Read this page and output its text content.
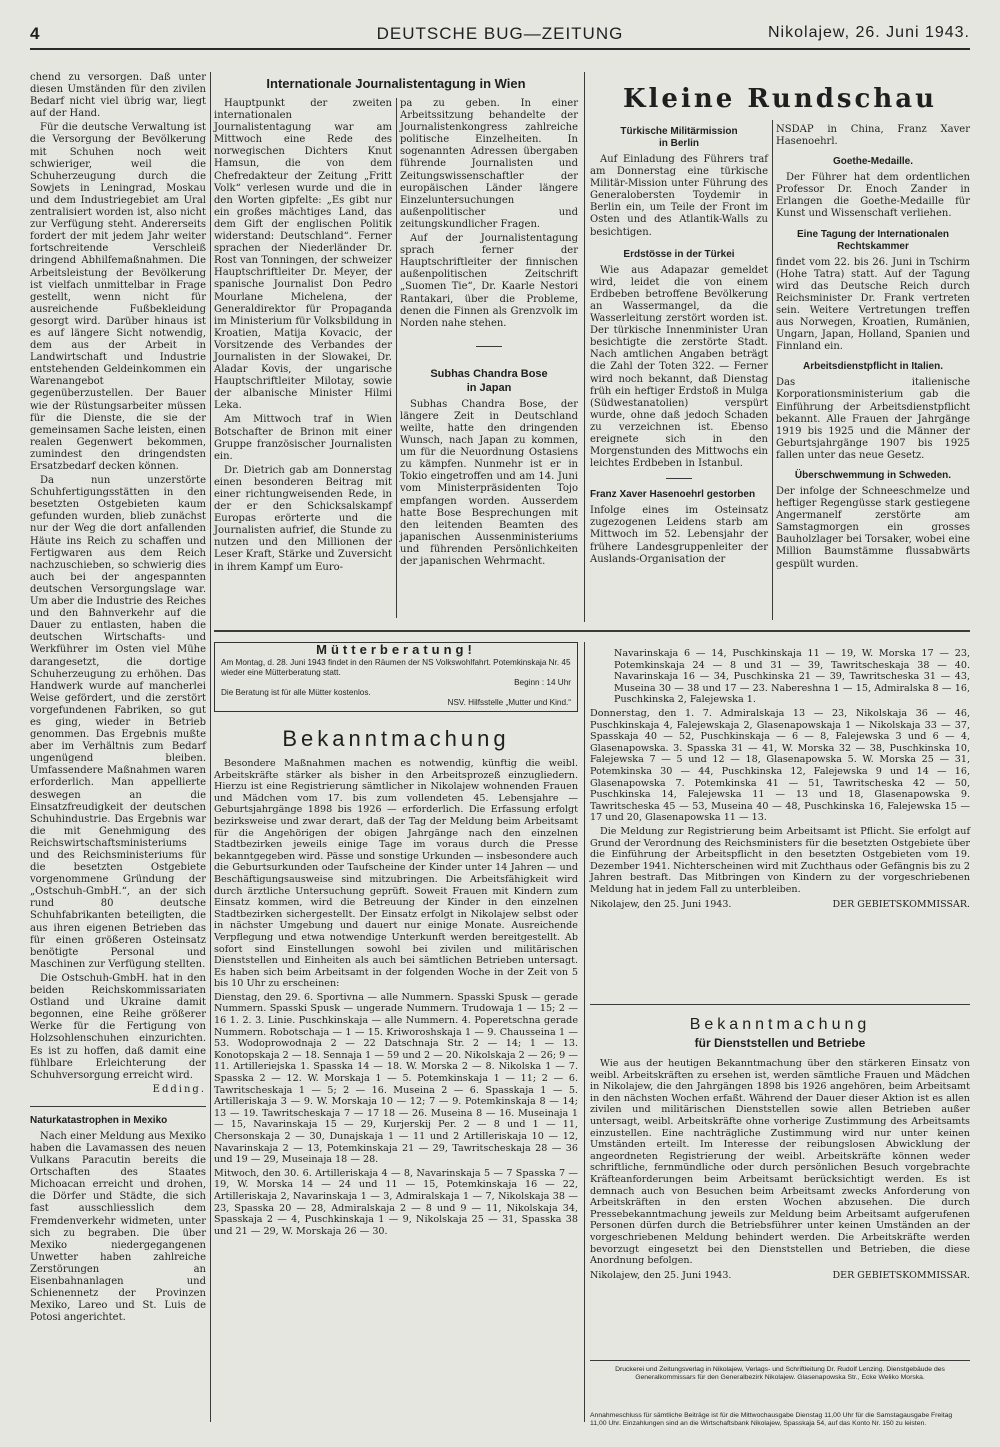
4	DEUTSCHE BUG—ZEITUNG	Nikolajew, 26. Juni 1943.

chend zu versorgen. Daß unter diesen Umständen für den zivilen Bedarf nicht viel übrig war, liegt auf der Hand.

Für die deutsche Verwaltung ist die Versorgung der Bevölkerung mit Schuhen noch weit schwieriger, weil die Schuherzeugung durch die Sowjets in Leningrad, Moskau und dem Industriegebiet am Ural zentralisiert worden ist, also nicht zur Verfügung steht. Andererseits fordert der mit jedem Jahr weiter fortschreitende Verschleiß dringend Abhilfemaßnahmen. Die Arbeitsleistung der Bevölkerung ist vielfach unmittelbar in Frage gestellt, wenn nicht für ausreichende Fußbekleidung gesorgt wird. Darüber hinaus ist es auf längere Sicht notwendig, dem aus der Arbeit in Landwirtschaft und Industrie entstehenden Geldeinkommen ein Warenangebot gegenüberzustellen. Der Bauer wie der Rüstungsarbeiter müssen für die Dienste, die sie der gemeinsamen Sache leisten, einen realen Gegenwert bekommen, zumindest den dringendsten Ersatzbedarf decken können.

Da nun unzerstörte Schuhfertigungsstätten in den besetzten Ostgebieten kaum gefunden wurden, blieb zunächst nur der Weg die dort anfallenden Häute ins Reich zu schaffen und Fertigwaren aus dem Reich nachzuschieben, so schwierig dies auch bei der angespannten deutschen Versorgungslage war. Um aber die Industrie des Reiches und den Bahnverkehr auf die Dauer zu entlasten, haben die deutschen Wirtschafts- und Werkführer im Osten viel Mühe darangesetzt, die dortige Schuherzeugung zu erhöhen. Das Handwerk wurde auf mancherlei Weise gefördert, und die zerstört vorgefundenen Fabriken, so gut es ging, wieder in Betrieb genommen. Das Ergebnis mußte aber im Verhältnis zum Bedarf ungenügend bleiben. Umfassendere Maßnahmen waren erforderlich. Man appellierte deswegen an die Einsatzfreudigkeit der deutschen Schuhindustrie. Das Ergebnis war die mit Genehmigung des Reichswirtschaftsministeriums und des Reichsministeriums für die besetzten Ostgebiete vorgenommene Gründung der „Ostschuh-GmbH.“, an der sich rund 80 deutsche Schuhfabrikanten beteiligten, die aus ihren eigenen Betrieben das für einen größeren Osteinsatz benötigte Personal und Maschinen zur Verfügung stellten.

Die Ostschuh-GmbH. hat in den beiden Reichskommissariaten Ostland und Ukraine damit begonnen, eine Reihe größerer Werke für die Fertigung von Holzsohlenschuhen einzurichten. Es ist zu hoffen, daß damit eine fühlbare Erleichterung der Schuhversorgung erreicht wird.

Edding.
Naturkatastrophen in Mexiko

Nach einer Meldung aus Mexiko haben die Lavamassen des neuen Vulkans Paracutin bereits die Ortschaften des Staates Michoacan erreicht und drohen, die Dörfer und Städte, die sich fast ausschliesslich dem Fremdenverkehr widmeten, unter sich zu begraben. Die über Mexiko niedergegangenen Unwetter haben zahlreiche Zerstörungen an Eisenbahnanlagen und Schienennetz der Provinzen Mexiko, Lareo und St. Luis de Potosi angerichtet.

Internationale Journalistentagung in Wien

Hauptpunkt der zweiten internationalen Journalistentagung war am Mittwoch eine Rede des norwegischen Dichters Knut Hamsun, die von dem Chefredakteur der Zeitung „Fritt Volk“ verlesen wurde und die in den Worten gipfelte: „Es gibt nur ein großes mächtiges Land, das dem Gift der englischen Politik widerstand: Deutschland“. Ferner sprachen der Niederländer Dr. Rost van Tonningen, der schweizer Hauptschriftleiter Dr. Meyer, der spanische Journalist Don Pedro Mourlane Michelena, der Generaldirektor für Propaganda im Ministerium für Volksbildung in Kroatien, Matija Kovacic, der Vorsitzende des Verbandes der Journalisten in der Slowakei, Dr. Aladar Kovis, der ungarische Hauptschriftleiter Milotay, sowie der albanische Minister Hilmi Leka.

Am Mittwoch traf in Wien Botschafter de Brinon mit einer Gruppe französischer Journalisten ein.

Dr. Dietrich gab am Donnerstag einen besonderen Beitrag mit einer richtungweisenden Rede, in der er den Schicksalskampf Europas erörterte und die Journalisten aufrief, die Stunde zu nutzen und den Millionen der Leser Kraft, Stärke und Zuversicht in ihrem Kampf um Euro-

pa zu geben. In einer Arbeitssitzung behandelte der Journalistenkongress zahlreiche politische Einzelheiten. In sogenannten Adressen übergaben führende Journalisten und Zeitungswissenschaftler der europäischen Länder längere Einzeluntersuchungen außenpolitischer und zeitungskundlicher Fragen.

Auf der Journalistentagung sprach ferner der Hauptschriftleiter der finnischen außenpolitischen Zeitschrift „Suomen Tie“, Dr. Kaarle Nestori Rantakari, über die Probleme, denen die Finnen als Grenzvolk im Norden nahe stehen.

Subhas Chandra Bose
in Japan

Subhas Chandra Bose, der längere Zeit in Deutschland weilte, hatte den dringenden Wunsch, nach Japan zu kommen, um für die Neuordnung Ostasiens zu kämpfen. Nunmehr ist er in Tokio eingetroffen und am 14. Juni vom Ministerpräsidenten Tojo empfangen worden. Ausserdem hatte Bose Besprechungen mit den leitenden Beamten des japanischen Aussenministeriums und führenden Persönlichkeiten der japanischen Wehrmacht.

Kleine Rundschau
Türkische Militärmission
in Berlin

Auf Einladung des Führers traf am Donnerstag eine türkische Militär-Mission unter Führung des Generalobersten Toydemir in Berlin ein, um Teile der Front im Osten und des Atlantik-Walls zu besichtigen.

Erdstösse in der Türkei

Wie aus Adapazar gemeldet wird, leidet die von einem Erdbeben betroffene Bevölkerung an Wassermangel, da die Wasserleitung zerstört worden ist. Der türkische Innenminister Uran besichtigte die zerstörte Stadt. Nach amtlichen Angaben beträgt die Zahl der Toten 322. — Ferner wird noch bekannt, daß Dienstag früh ein heftiger Erdstoß in Mulga (Südwestanatolien) verspürt wurde, ohne daß jedoch Schaden zu verzeichnen ist. Ebenso ereignete sich in den Morgenstunden des Mittwochs ein leichtes Erdbeben in Istanbul.

Franz Xaver Hasenoehrl gestorben

Infolge eines im Osteinsatz zugezogenen Leidens starb am Mittwoch im 52. Lebensjahr der frühere Landesgruppenleiter der Auslands-Organisation der

NSDAP in China, Franz Xaver Hasenoehrl.

Goethe-Medaille.

Der Führer hat dem ordentlichen Professor Dr. Enoch Zander in Erlangen die Goethe-Medaille für Kunst und Wissenschaft verliehen.

Eine Tagung der Internationalen Rechtskammer

findet vom 22. bis 26. Juni in Tschirm (Hohe Tatra) statt. Auf der Tagung wird das Deutsche Reich durch Reichsminister Dr. Frank vertreten sein. Weitere Vertretungen treffen aus Norwegen, Kroatien, Rumänien, Ungarn, Japan, Holland, Spanien und Finnland ein.

Arbeitsdienstpflicht in Italien.

Das italienische Korporationsministerium gab die Einführung der Arbeitsdienstpflicht bekannt. Alle Frauen der Jahrgänge 1919 bis 1925 und die Männer der Geburtsjahrgänge 1907 bis 1925 fallen unter das neue Gesetz.

Überschwemmung in Schweden.

Der infolge der Schneeschmelze und heftiger Regengüsse stark gestiegene Angermanelf zerstörte am Samstagmorgen ein grosses Bauholzlager bei Torsaker, wobei eine Million Baumstämme flussabwärts gespült wurden.

Mütterberatung!
Am Montag, d. 28. Juni 1943 findet in den Räumen der NS Volkswohlfahrt. Potemkinskaja Nr. 45 wieder eine Mütterberatung statt.
Beginn : 14 Uhr
Die Beratung ist für alle Mütter kostenlos.
NSV. Hilfsstelle „Mutter und Kind.“
Bekanntmachung

Besondere Maßnahmen machen es notwendig, künftig die weibl. Arbeitskräfte stärker als bisher in den Arbeitsprozeß einzugliedern. Hierzu ist eine Registrierung sämtlicher in Nikolajew wohnenden Frauen und Mädchen vom 17. bis zum vollendeten 45. Lebensjahre — Geburtsjahrgänge 1898 bis 1926 — erforderlich. Die Erfassung erfolgt bezirksweise und zwar derart, daß der Tag der Meldung beim Arbeitsamt für die Angehörigen der obigen Jahrgänge nach den einzelnen Stadtbezirken jeweils einige Tage im voraus durch die Presse bekanntgegeben wird. Pässe und sonstige Urkunden — insbesondere auch die Geburtsurkunden oder Taufscheine der Kinder unter 14 Jahren — und Beschäftigungsausweise sind mitzubringen. Die Arbeitsfähigkeit wird durch ärztliche Untersuchung geprüft. Soweit Frauen mit Kindern zum Einsatz kommen, wird die Betreuung der Kinder in den einzelnen Stadtbezirken sichergestellt. Der Einsatz erfolgt in Nikolajew selbst oder in nächster Umgebung und dauert nur einige Monate. Ausreichende Verpflegung und etwa notwendige Unterkunft werden bereitgestellt. Ab sofort sind Einstellungen sowohl bei zivilen und militärischen Dienststellen und Einheiten als auch bei sämtlichen Betrieben untersagt. Es haben sich beim Arbeitsamt in der folgenden Woche in der Zeit von 5 bis 10 Uhr zu erscheinen:

Dienstag, den 29. 6. Sportivna — alle Nummern. Spasski Spusk — gerade Nummern. Spasski Spusk — ungerade Nummern. Trudowaja 1 — 15; 2 — 16 1. 2. 3. Linie. Puschkinskaja — alle Nummern. 4. Poperetschna gerade Nummern. Robotschaja — 1 — 15. Kriworoshskaja 1 — 9. Chausseina 1 — 53. Wodoprowodnaja 2 — 22 Datschnaja Str. 2 — 14; 1 — 13. Konotopskaja 2 — 18. Sennaja 1 — 59 und 2 — 20. Nikolskaja 2 — 26; 9 — 11. Artilleriejska 1. Spasska 14 — 18. W. Morska 2 — 8. Nikolska 1 — 7. Spasska 2 — 12. W. Morskaja 1 — 5. Potemkinskaja 1 — 11; 2 — 6. Tawritscheskaja 1 — 5; 2 — 16. Museina 2 — 6. Spasskaja 1 — 5. Artilleriskaja 3 — 9. W. Morskaja 10 — 12; 7 — 9. Potemkinskaja 8 — 14; 13 — 19. Tawritscheskaja 7 — 17 18 — 26. Museina 8 — 16. Museinaja 1 — 15, Navarinskaja 15 — 29, Kurjerskij Per. 2 — 8 und 1 — 11, Chersonskaja 2 — 30, Dunajskaja 1 — 11 und 2 Artilleriskaja 10 — 12, Navarinskaja 2 — 13, Potemkinskaja 21 — 29, Tawritscheskaja 28 — 36 und 19 — 29, Museinaja 18 — 28.

Mitwoch, den 30. 6. Artilleriskaja 4 — 8, Navarinskaja 5 — 7 Spasska 7 — 19, W. Morska 14 — 24 und 11 — 15, Potemkinskaja 16 — 22, Artilleriskaja 2, Navarinskaja 1 — 3, Admiralskaja 1 — 7, Nikolskaja 38 — 23, Spasska 20 — 28, Admiralskaja 2 — 8 und 9 — 11, Nikolskaja 34, Spasskaja 2 — 4, Puschkinskaja 1 — 9, Nikolskaja 25 — 31, Spasska 38 und 21 — 29, W. Morskaja 26 — 30.

Navarinskaja 6 — 14, Puschkinskaja 11 — 19, W. Morska 17 — 23, Potemkinskaja 24 — 8 und 31 — 39, Tawritscheskaja 38 — 40. Navarinskaja 16 — 34, Puschkinska 21 — 39, Tawritscheska 31 — 43, Museina 30 — 38 und 17 — 23. Nabereshna 1 — 15, Admiralska 8 — 16, Puschkinska 2, Falejewska 1.

Donnerstag, den 1. 7. Admiralskaja 13 — 23, Nikolskaja 36 — 46, Puschkinskaja 4, Falejewskaja 2, Glasenapowskaja 1 — Nikolskaja 33 — 37, Spasskaja 40 — 52, Puschkinskaja — 6 — 8, Falejewska 3 und 6 — 4, Glasenapowska. 3. Spasska 31 — 41, W. Morska 32 — 38, Puschkinska 10, Falejewska 7 — 5 und 12 — 18, Glasenapowska 5. W. Morska 25 — 31, Potemkinska 30 — 44, Puschkinska 12, Falejewska 9 und 14 — 16, Glasenapowska 7. Potemkinska 41 — 51, Tawritscheska 42 — 50, Puschkinska 14, Falejewska 11 — 13 und 18, Glasenapowska 9. Tawritscheska 45 — 53, Museina 40 — 48, Puschkinska 16, Falejewska 15 — 17 und 20, Glasenapowska 11 — 13.

Die Meldung zur Registrierung beim Arbeitsamt ist Pflicht. Sie erfolgt auf Grund der Verordnung des Reichsministers für die besetzten Ostgebiete über die Einführung der Arbeitspflicht in den besetzten Ostgebieten vom 19. Dezember 1941. Nichterscheinen wird mit Zuchthaus oder Gefängnis bis zu 2 Jahren bestraft. Das Mitbringen von Kindern zu der vorgeschriebenen Meldung hat in jedem Fall zu unterbleiben.

Nikolajew, den 25. Juni 1943.	DER GEBIETSKOMMISSAR.
Bekanntmachung
für Dienststellen und Betriebe

Wie aus der heutigen Bekanntmachung über den stärkeren Einsatz von weibl. Arbeitskräften zu ersehen ist, werden sämtliche Frauen und Mädchen in Nikolajew, die den Jahrgängen 1898 bis 1926 angehören, beim Arbeitsamt in den nächsten Wochen erfaßt. Während der Dauer dieser Aktion ist es allen zivilen und militärischen Dienststellen sowie allen Betrieben außer untersagt, weibl. Arbeitskräfte ohne vorherige Zustimmung des Arbeitsamts einzustellen. Eine nachträgliche Zustimmung wird nur unter keinen Umständen erteilt. Im Interesse der reibungslosen Abwicklung der angeordneten Registrierung der weibl. Arbeitskräfte können weder schriftliche, fernmündliche oder durch persönlichen Besuch vorgebrachte Kräfteanforderungen beim Arbeitsamt berücksichtigt werden. Es ist demnach auch von Besuchen beim Arbeitsamt zwecks Anforderung von Arbeitskräften in den ersten Wochen abzusehen. Die durch Pressebekanntmachung jeweils zur Meldung beim Arbeitsamt aufgerufenen Personen dürfen durch die Betriebsführer unter keinen Umständen an der vorgeschriebenen Meldung behindert werden. Die Arbeitskräfte werden bevorzugt eingesetzt bei den Dienststellen und Betrieben, die diese Anordnung befolgen.

Nikolajew, den 25. Juni 1943.	DER GEBIETSKOMMISSAR.
Druckerei und Zeitungsverlag in Nikolajew, Verlags- und Schriftleitung Dr. Rudolf Lenzing. Dienstgebäude des Generalkommissars für den Generalbezirk Nikolajew. Glasenapowska Str., Ecke Weliko Morska.
Annahmeschluss für sämtliche Beiträge ist für die Mittwochausgabe Dienstag 11,00 Uhr für die Samstagausgabe Freitag 11,00 Uhr. Einzahlungen sind an die Wirtschaftsbank Nikolajew, Spasskaja 54, auf das Konto Nr. 150 zu leisten.
